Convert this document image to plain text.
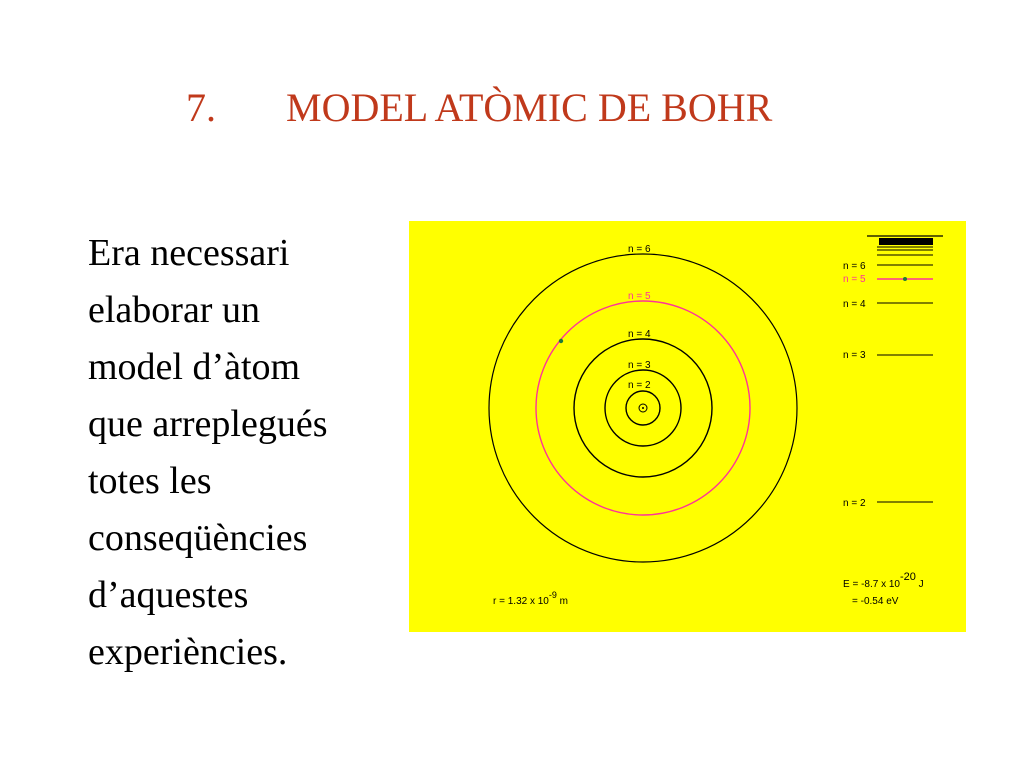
7. MODEL ATÒMIC DE BOHR
Era necessari
elaborar un
model d’àtom
que arreplegués
totes les
conseqüències
d’aquestes
experiències.
n = 6
n = 5
n = 4
n = 3
n = 2
n = 6
n = 5
n = 4
n = 3
n = 2
r = 1.32 x 10-9 m
E = -8.7 x 10-20 J
= -0.54 eV
